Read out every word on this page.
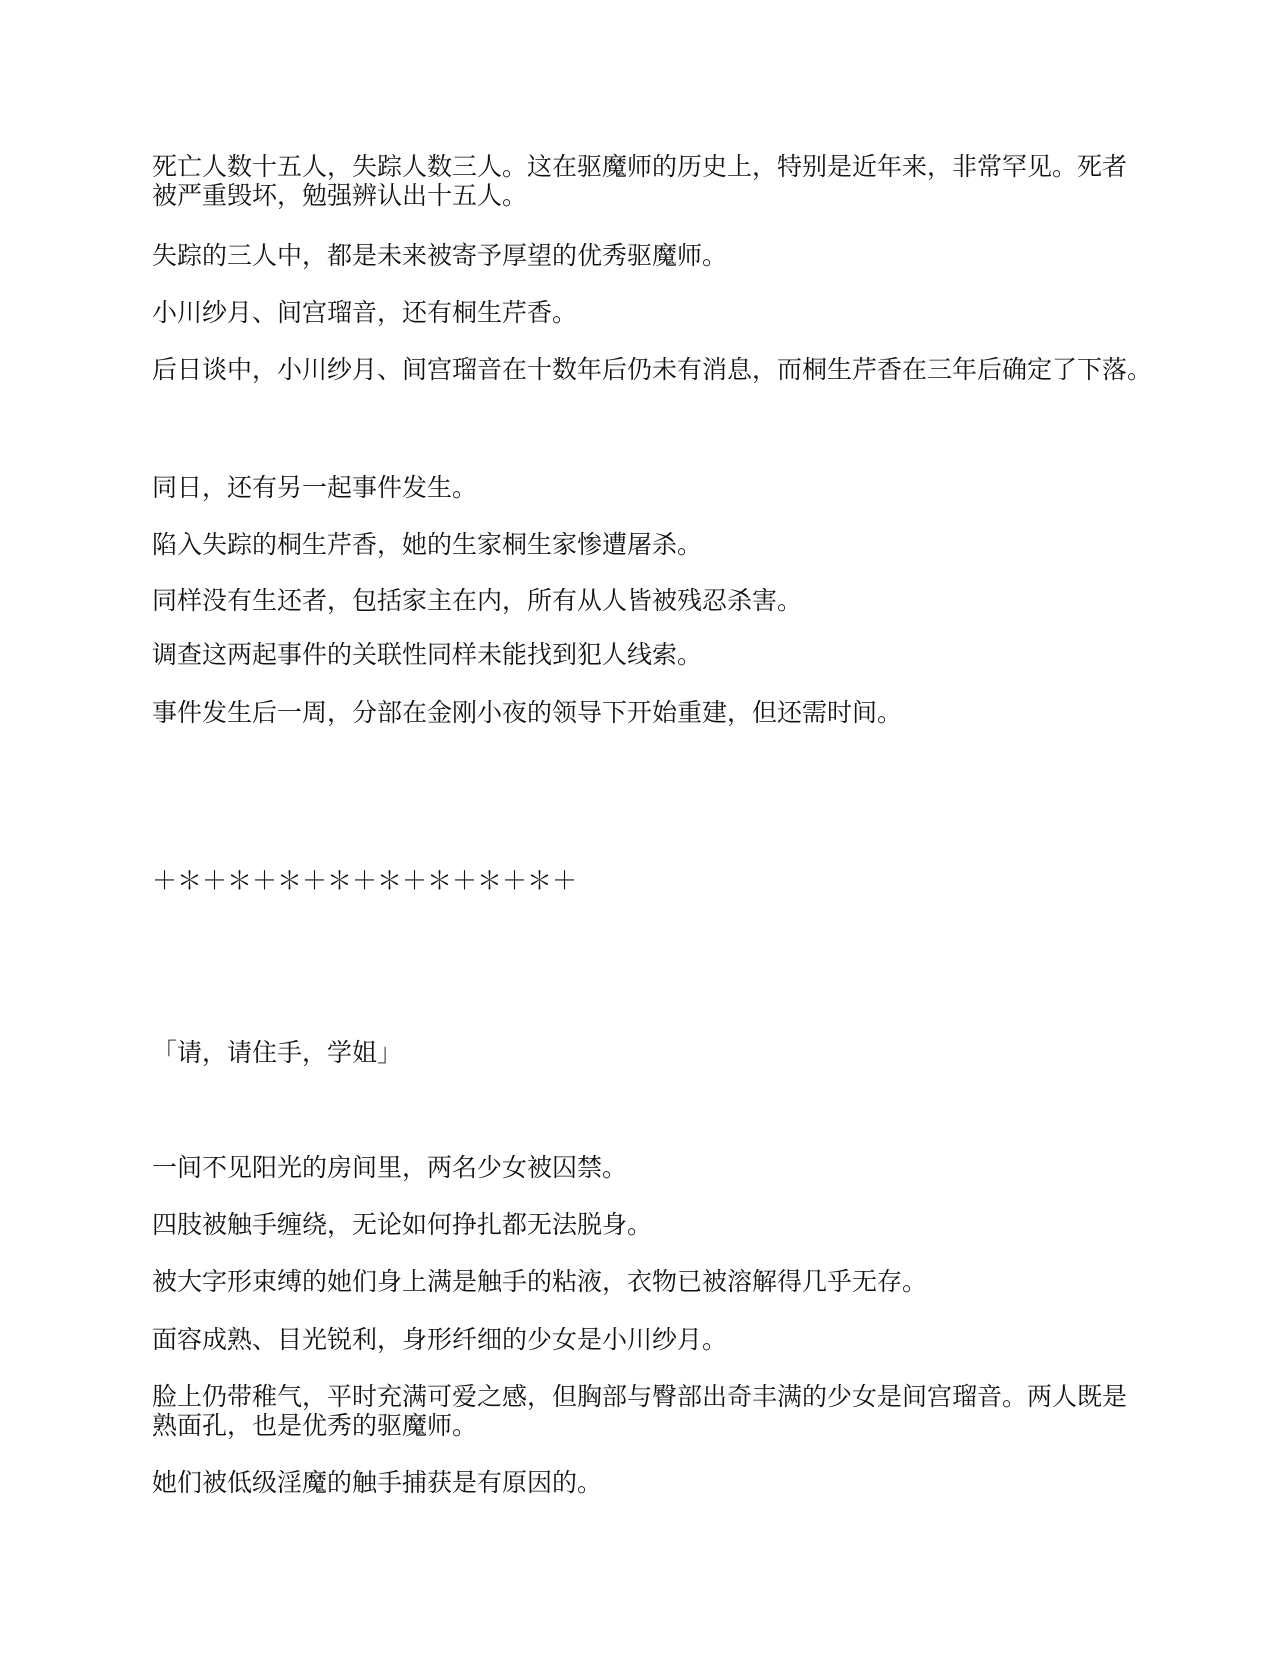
死亡人数十五人，失踪人数三人。这在驱魔师的历史上，特别是近年来，非常罕见。死者
被严重毁坏，勉强辨认出十五人。

失踪的三人中，都是未来被寄予厚望的优秀驱魔师。

小川纱月、间宫瑠音，还有桐生芹香。

后日谈中，小川纱月、间宫瑠音在十数年后仍未有消息，而桐生芹香在三年后确定了下落。

同日，还有另一起事件发生。

陷入失踪的桐生芹香，她的生家桐生家惨遭屠杀。

同样没有生还者，包括家主在内，所有从人皆被残忍杀害。

调查这两起事件的关联性同样未能找到犯人线索。

事件发生后一周，分部在金刚小夜的领导下开始重建，但还需时间。

＋＊＋＊＋＊＋＊＋＊＋＊＋＊＋＊＋

「请，请住手，学姐」

一间不见阳光的房间里，两名少女被囚禁。

四肢被触手缠绕，无论如何挣扎都无法脱身。

被大字形束缚的她们身上满是触手的粘液，衣物已被溶解得几乎无存。

面容成熟、目光锐利，身形纤细的少女是小川纱月。

脸上仍带稚气，平时充满可爱之感，但胸部与臀部出奇丰满的少女是间宫瑠音。两人既是
熟面孔，也是优秀的驱魔师。

她们被低级淫魔的触手捕获是有原因的。
